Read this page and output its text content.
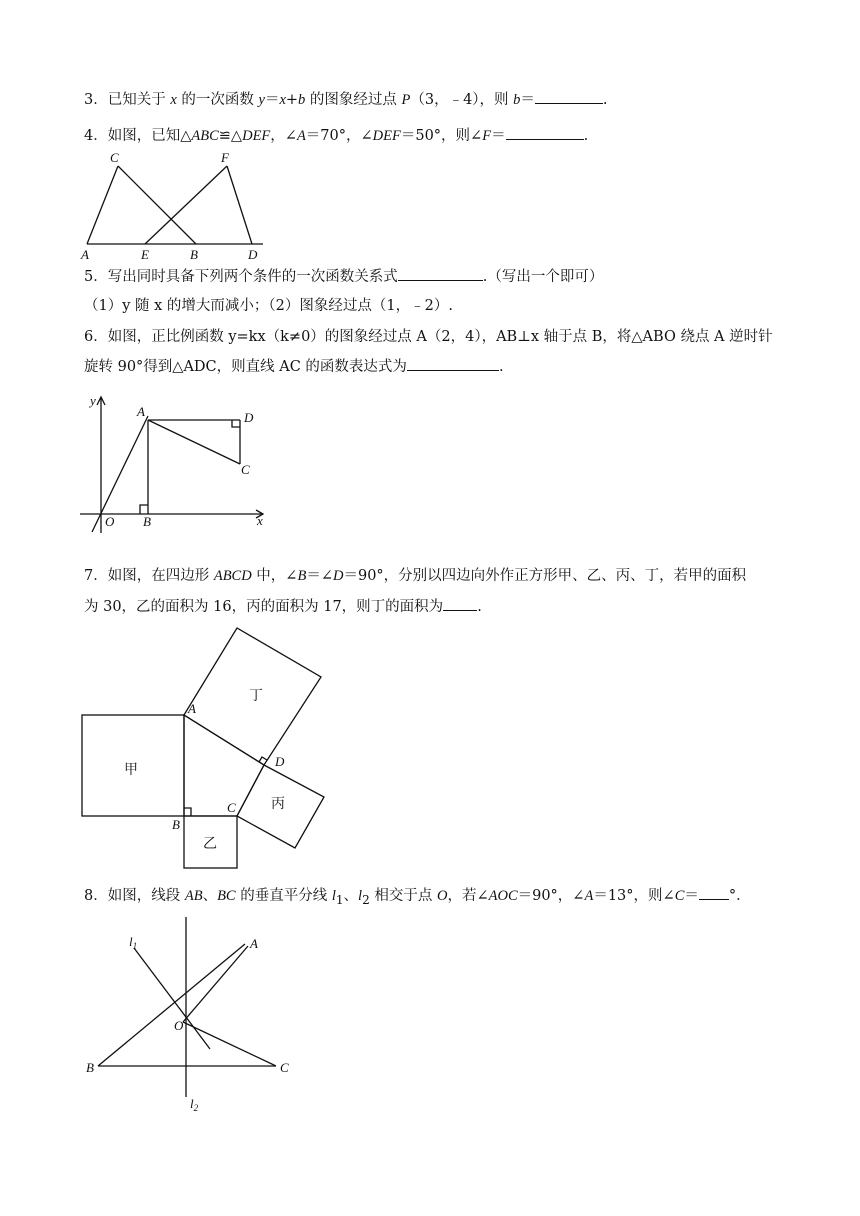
3．已知关于 x 的一次函数 y＝x+b 的图象经过点 P（3，﹣4），则 b＝	.
4．如图，已知△ABC≌△DEF，∠A＝70°，∠DEF＝50°，则∠F＝	.
C	F
A	E	B	D
5．写出同时具备下列两个条件的一次函数关系式	.（写出一个即可）
（1）y 随 x 的增大而减小；（2）图象经过点（1，﹣2）.
6．如图，正比例函数 y=kx（k≠0）的图象经过点 A（2，4），AB⊥x 轴于点 B，将△ABO 绕点 A 逆时针
旋转 90°得到△ADC，则直线 AC 的函数表达式为	.
y
x
A	D
C
O B
7．如图，在四边形 ABCD 中，∠B＝∠D＝90°，分别以四边向外作正方形甲、乙、丙、丁，若甲的面积
为 30，乙的面积为 16，丙的面积为 17，则丁的面积为 .
A
B
C
D
甲
乙
丙
丁
8．如图，线段 AB、BC 的垂直平分线 $l_1$、$l_2$ 相交于点 O，若∠AOC＝90°，∠A＝13°，则∠C＝ °．
$l_1$
$l_2$
A
O
B	C
